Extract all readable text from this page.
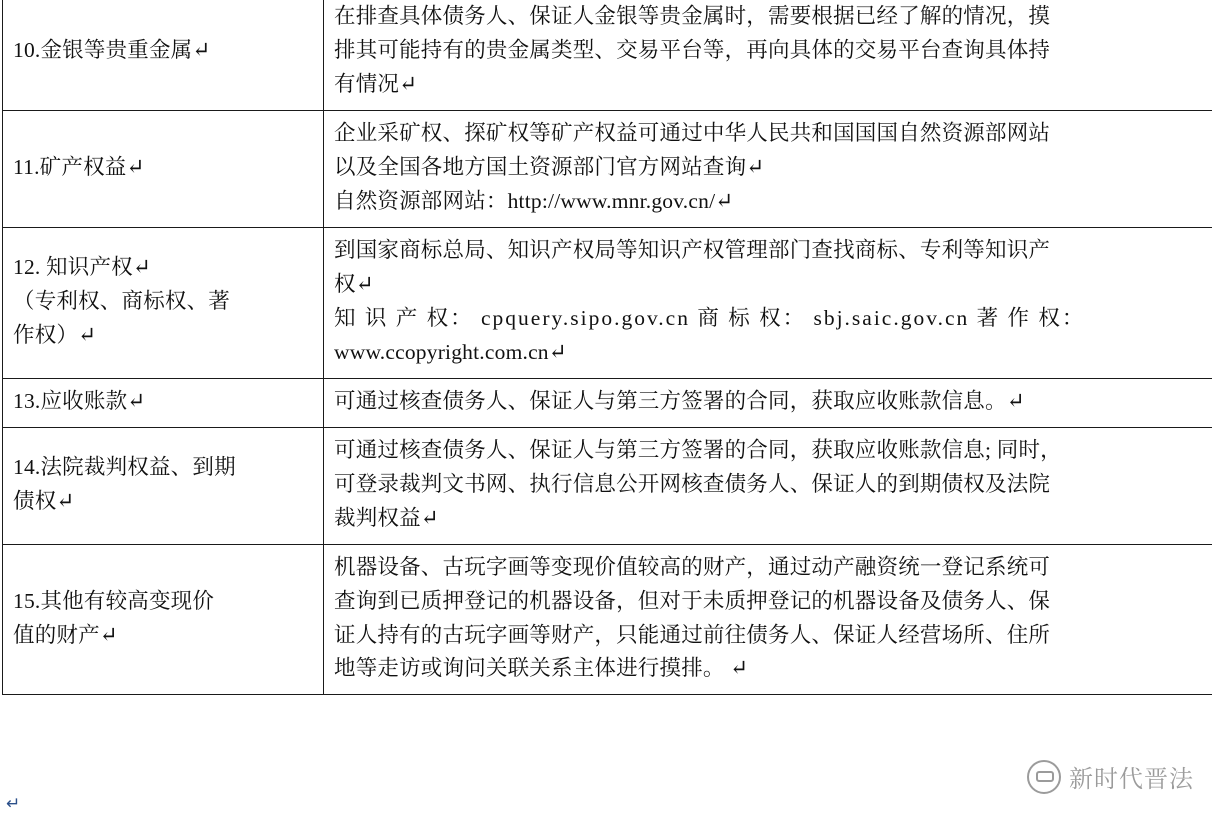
10.金银等贵重金属↵	在排查具体债务人、保证人金银等贵金属时，需要根据已经了解的情况，摸
排其可能持有的贵金属类型、交易平台等，再向具体的交易平台查询具体持
有情况↵

11.矿产权益↵	企业采矿权、探矿权等矿产权益可通过中华人民共和国国国自然资源部网站
以及全国各地方国土资源部门官方网站查询↵
自然资源部网站：http://www.mnr.gov.cn/↵

12. 知识产权↵
（专利权、商标权、著
作权）↵	到国家商标总局、知识产权局等知识产权管理部门查找商标、专利等知识产
权↵
知 识 产 权： cpquery.sipo.gov.cn 商 标 权： sbj.saic.gov.cn 著 作 权：
www.ccopyright.com.cn↵

13.应收账款↵	可通过核查债务人、保证人与第三方签署的合同，获取应收账款信息。↵

14.法院裁判权益、到期
债权↵	可通过核查债务人、保证人与第三方签署的合同，获取应收账款信息; 同时，
可登录裁判文书网、执行信息公开网核查债务人、保证人的到期债权及法院
裁判权益↵

15.其他有较高变现价
值的财产↵	机器设备、古玩字画等变现价值较高的财产，通过动产融资统一登记系统可
查询到已质押登记的机器设备，但对于未质押登记的机器设备及债务人、保
证人持有的古玩字画等财产，只能通过前往债务人、保证人经营场所、住所
地等走访或询问关联关系主体进行摸排。 ↵
↵
新时代晋法
